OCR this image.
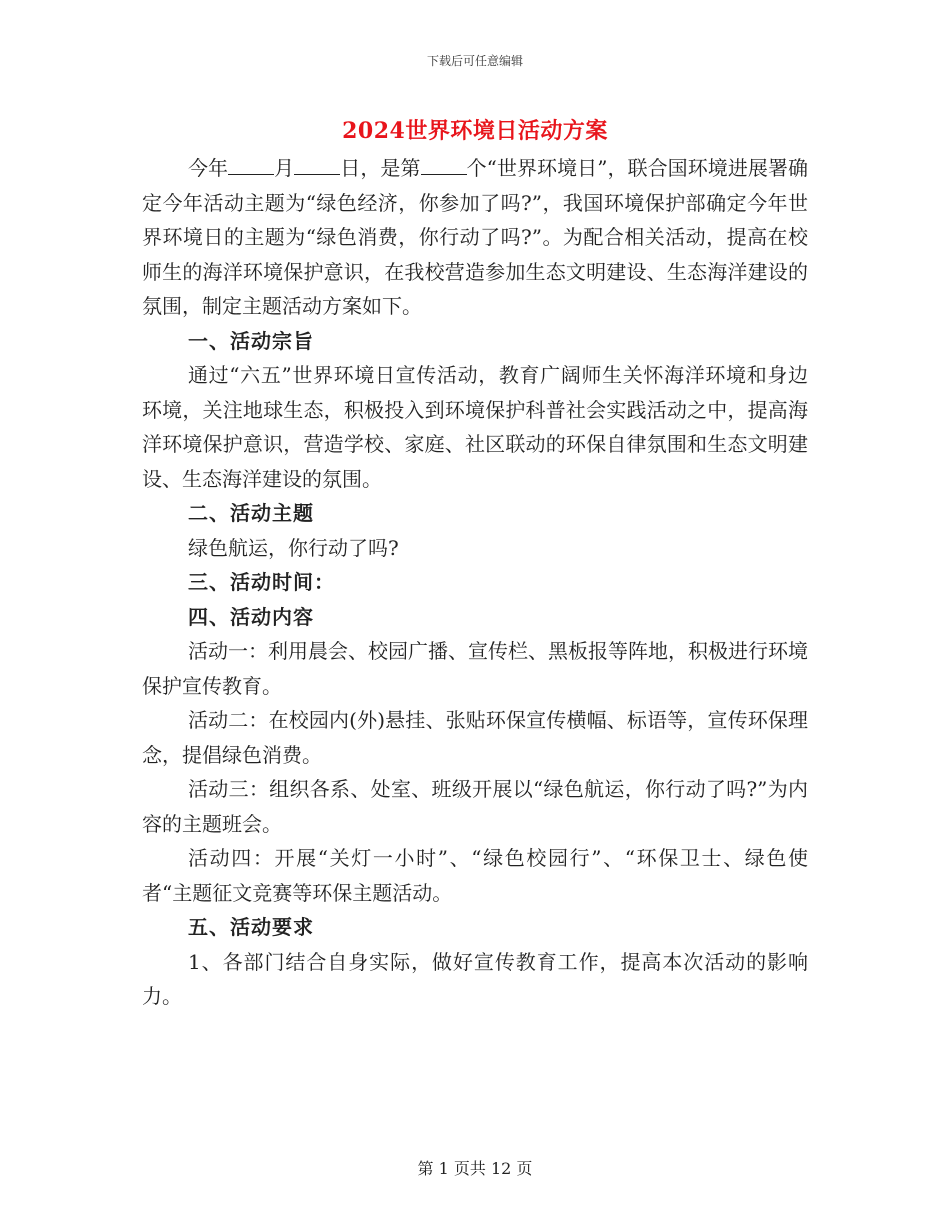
下载后可任意编辑
2024世界环境日活动方案

今年 月 日，是第 个“世界环境日”，联合国环境进展署确定今年活动主题为“绿色经济，你参加了吗?”，我国环境保护部确定今年世界环境日的主题为“绿色消费，你行动了吗?”。为配合相关活动，提高在校师生的海洋环境保护意识，在我校营造参加生态文明建设、生态海洋建设的氛围，制定主题活动方案如下。

一、活动宗旨

通过“六五”世界环境日宣传活动，教育广阔师生关怀海洋环境和身边环境，关注地球生态，积极投入到环境保护科普社会实践活动之中，提高海洋环境保护意识，营造学校、家庭、社区联动的环保自律氛围和生态文明建设、生态海洋建设的氛围。

二、活动主题

绿色航运，你行动了吗?

三、活动时间：
四、活动内容

活动一：利用晨会、校园广播、宣传栏、黑板报等阵地，积极进行环境保护宣传教育。

活动二：在校园内(外)悬挂、张贴环保宣传横幅、标语等，宣传环保理念，提倡绿色消费。

活动三：组织各系、处室、班级开展以“绿色航运，你行动了吗?”为内容的主题班会。

活动四：开展“关灯一小时”、“绿色校园行”、“环保卫士、绿色使者“主题征文竞赛等环保主题活动。

五、活动要求

1、各部门结合自身实际，做好宣传教育工作，提高本次活动的影响力。

第 1 页共 12 页
